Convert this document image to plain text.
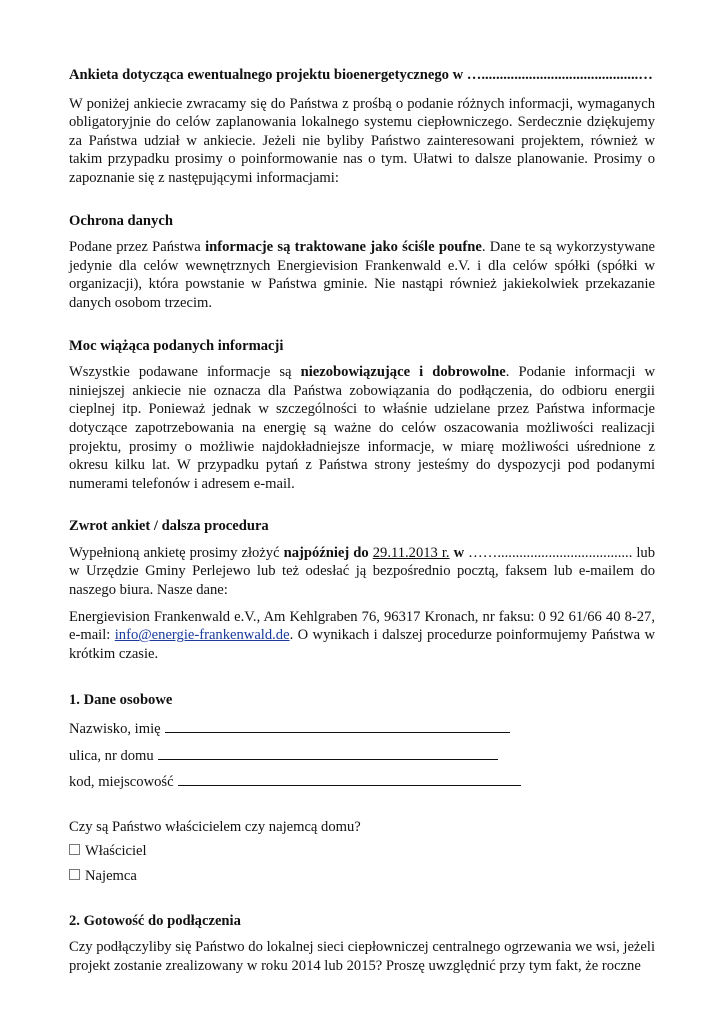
Ankieta dotycząca ewentualnego projektu bioenergetycznego w …...........................................…

W poniżej ankiecie zwracamy się do Państwa z prośbą o podanie różnych informacji, wymaganych obligatoryjnie do celów zaplanowania lokalnego systemu ciepłowniczego. Serdecznie dziękujemy za Państwa udział w ankiecie. Jeżeli nie byliby Państwo zainteresowani projektem, również w takim przypadku prosimy o poinformowanie nas o tym. Ułatwi to dalsze planowanie. Prosimy o zapoznanie się z następującymi informacjami:

Ochrona danych

Podane przez Państwa informacje są traktowane jako ściśle poufne. Dane te są wykorzystywane jedynie dla celów wewnętrznych Energievision Frankenwald e.V. i dla celów spółki (spółki w organizacji), która powstanie w Państwa gminie. Nie nastąpi również jakiekolwiek przekazanie danych osobom trzecim.

Moc wiążąca podanych informacji

Wszystkie podawane informacje są niezobowiązujące i dobrowolne. Podanie informacji w niniejszej ankiecie nie oznacza dla Państwa zobowiązania do podłączenia, do odbioru energii cieplnej itp. Ponieważ jednak w szczególności to właśnie udzielane przez Państwa informacje dotyczące zapotrzebowania na energię są ważne do celów oszacowania możliwości realizacji projektu, prosimy o możliwie najdokładniejsze informacje, w miarę możliwości uśrednione z okresu kilku lat. W przypadku pytań z Państwa strony jesteśmy do dyspozycji pod podanymi numerami telefonów i adresem e-mail.

Zwrot ankiet / dalsza procedura

Wypełnioną ankietę prosimy złożyć najpóźniej do 29.11.2013 r. w ……..................................... lub w Urzędzie Gminy Perlejewo lub też odesłać ją bezpośrednio pocztą, faksem lub e-mailem do naszego biura. Nasze dane:

Energievision Frankenwald e.V., Am Kehlgraben 76, 96317 Kronach, nr faksu: 0 92 61/66 40 8-27, e-mail: info@energie-frankenwald.de. O wynikach i dalszej procedurze poinformujemy Państwa w krótkim czasie.

1. Dane osobowe

Nazwisko, imię
ulica, nr domu
kod, miejscowość

Czy są Państwo właścicielem czy najemcą domu?

Właściciel
Najemca

2. Gotowość do podłączenia

Czy podłączyliby się Państwo do lokalnej sieci ciepłowniczej centralnego ogrzewania we wsi, jeżeli projekt zostanie zrealizowany w roku 2014 lub 2015? Proszę uwzględnić przy tym fakt, że roczne
